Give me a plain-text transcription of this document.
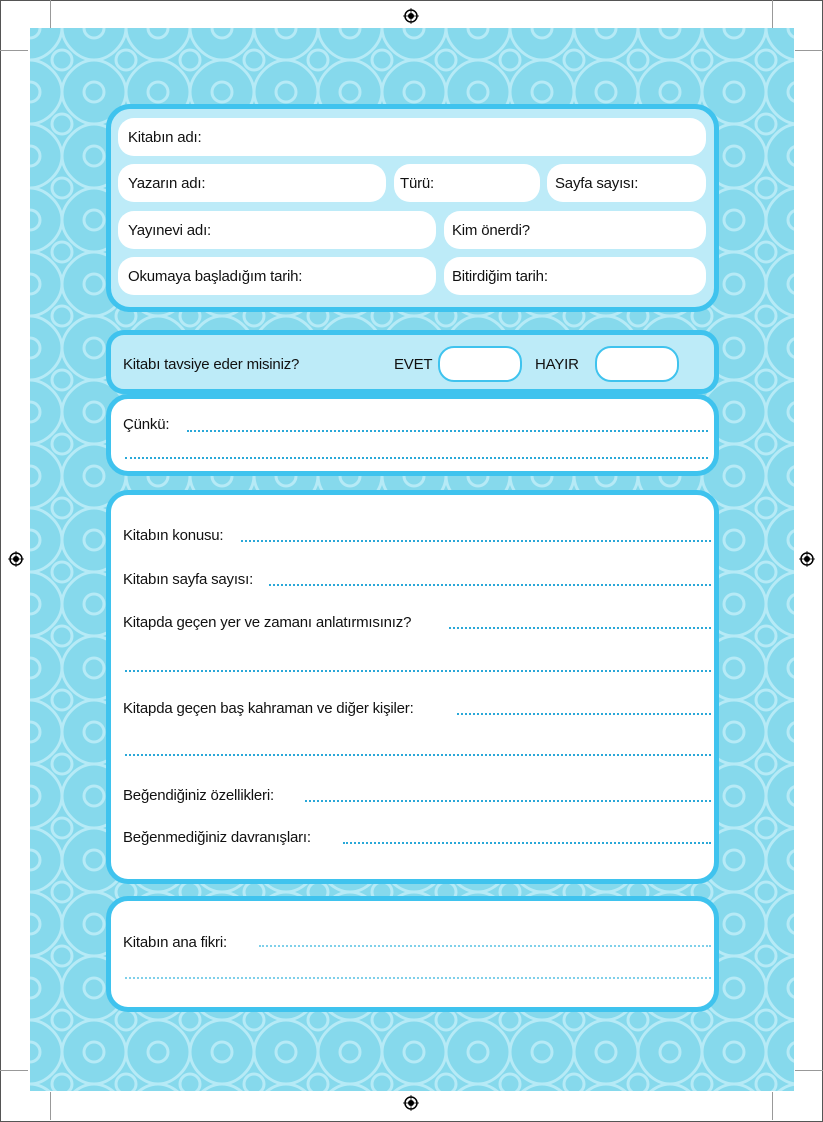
Kitabın adı:
Yazarın adı:	Türü:	Sayfa sayısı:
Yayınevi adı:	Kim önerdi?
Okumaya başladığım tarih:	Bitirdiğim tarih:
Kitabı tavsiye eder misiniz?	EVET	HAYIR
Çünkü:
Kitabın konusu:
Kitabın sayfa sayısı:
Kitapda geçen yer ve zamanı anlatırmısınız?
Kitapda geçen baş kahraman ve diğer kişiler:
Beğendiğiniz özellikleri:
Beğenmediğiniz davranışları:
Kitabın ana fikri:
